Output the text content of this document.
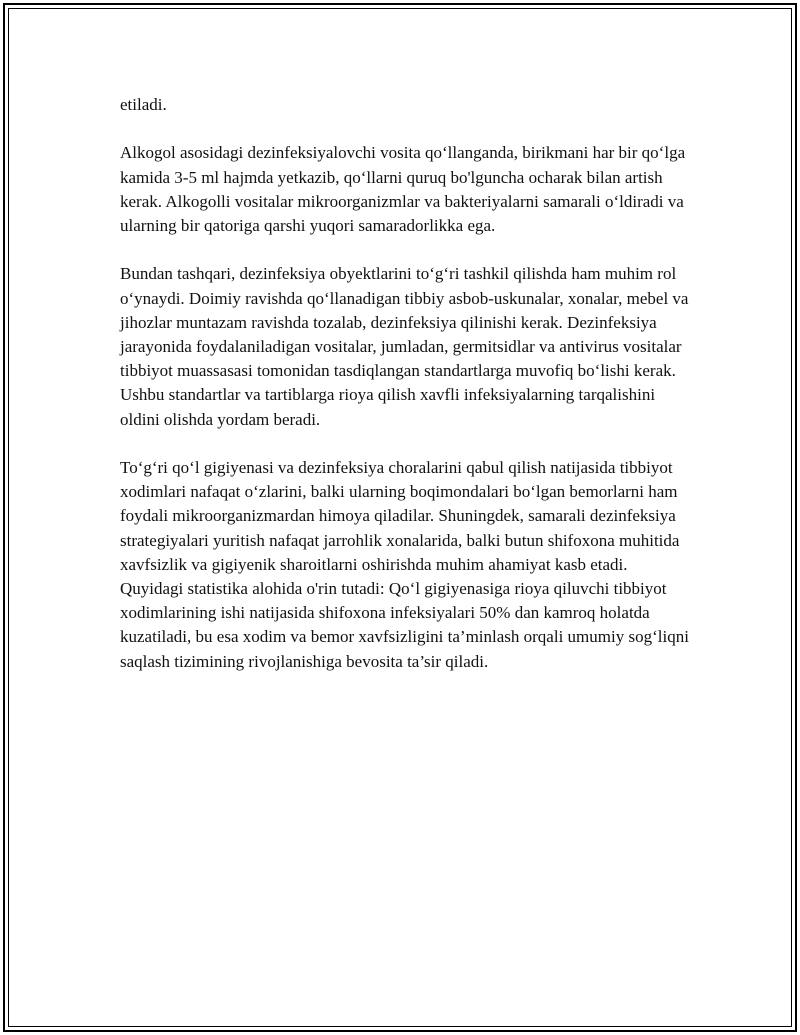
etiladi.

Alkogol asosidagi dezinfeksiyalovchi vosita qo‘llanganda, birikmani har bir qo‘lga kamida 3-5 ml hajmda yetkazib, qo‘llarni quruq bo'lguncha ocharak bilan artish kerak. Alkogolli vositalar mikroorganizmlar va bakteriyalarni samarali o‘ldiradi va ularning bir qatoriga qarshi yuqori samaradorlikka ega.

Bundan tashqari, dezinfeksiya obyektlarini to‘g‘ri tashkil qilishda ham muhim rol o‘ynaydi. Doimiy ravishda qo‘llanadigan tibbiy asbob-uskunalar, xonalar, mebel va jihozlar muntazam ravishda tozalab, dezinfeksiya qilinishi kerak. Dezinfeksiya jarayonida foydalaniladigan vositalar, jumladan, germitsidlar va antivirus vositalar tibbiyot muassasasi tomonidan tasdiqlangan standartlarga muvofiq bo‘lishi kerak. Ushbu standartlar va tartiblarga rioya qilish xavfli infeksiyalarning tarqalishini oldini olishda yordam beradi.

To‘g‘ri qo‘l gigiyenasi va dezinfeksiya choralarini qabul qilish natijasida tibbiyot xodimlari nafaqat o‘zlarini, balki ularning boqimondalari bo‘lgan bemorlarni ham foydali mikroorganizmardan himoya qiladilar. Shuningdek, samarali dezinfeksiya strategiyalari yuritish nafaqat jarrohlik xonalarida, balki butun shifoxona muhitida xavfsizlik va gigiyenik sharoitlarni oshirishda muhim ahamiyat kasb etadi. Quyidagi statistika alohida o'rin tutadi: Qo‘l gigiyenasiga rioya qiluvchi tibbiyot xodimlarining ishi natijasida shifoxona infeksiyalari 50% dan kamroq holatda kuzatiladi, bu esa xodim va bemor xavfsizligini ta’minlash orqali umumiy sog‘liqni saqlash tizimining rivojlanishiga bevosita ta’sir qiladi.
